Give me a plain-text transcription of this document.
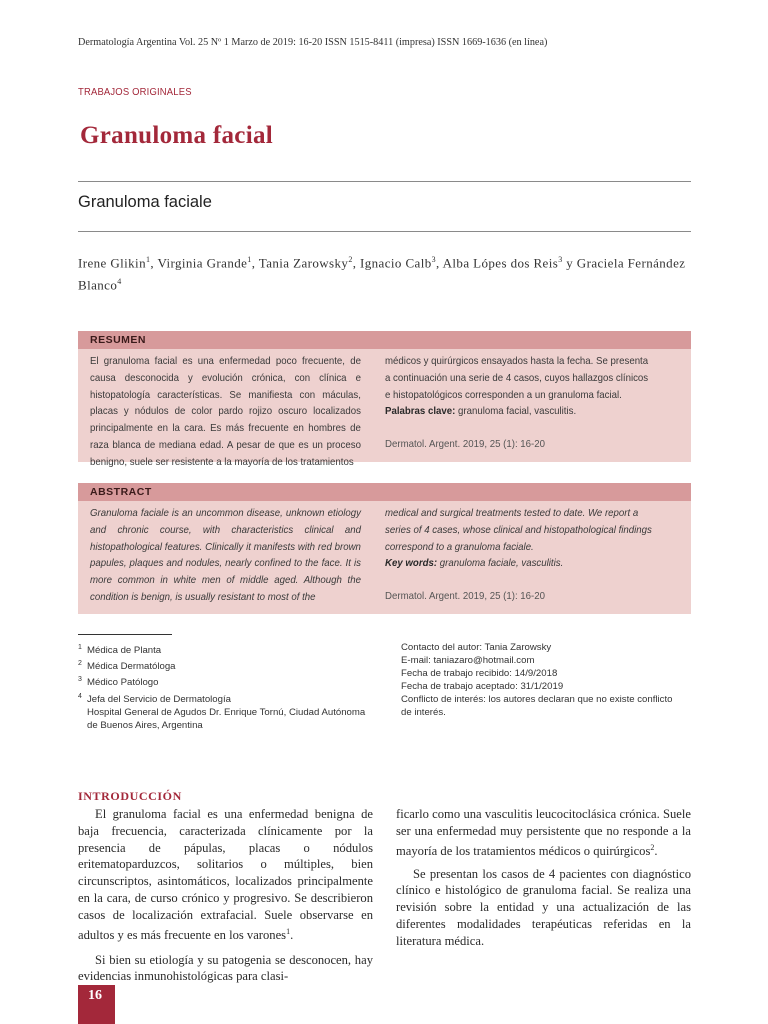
Dermatología Argentina Vol. 25 Nº 1 Marzo de 2019: 16-20 ISSN 1515-8411 (impresa) ISSN 1669-1636 (en línea)
TRABAJOS ORIGINALES
Granuloma facial
Granuloma faciale
Irene Glikin$^1$, Virginia Grande$^1$, Tania Zarowsky$^2$, Ignacio Calb$^3$, Alba Lópes dos Reis$^3$ y Graciela Fernández Blanco$^4$
RESUMEN
El granuloma facial es una enfermedad poco frecuente, de causa desconocida y evolución crónica, con clínica e histopatología características. Se manifiesta con máculas, placas y nódulos de color pardo rojizo oscuro localizados principalmente en la cara. Es más frecuente en hombres de raza blanca de mediana edad. A pesar de que es un proceso benigno, suele ser resistente a la mayoría de los tratamientos
médicos y quirúrgicos ensayados hasta la fecha. Se presenta a continuación una serie de 4 casos, cuyos hallazgos clínicos e histopatológicos corresponden a un granuloma facial.
Palabras clave: granuloma facial, vasculitis.
Dermatol. Argent. 2019, 25 (1): 16-20
ABSTRACT
Granuloma faciale is an uncommon disease, unknown etiology and chronic course, with characteristics clinical and histopathological features. Clinically it manifests with red brown papules, plaques and nodules, nearly confined to the face. It is more common in white men of middle aged. Although the condition is benign, is usually resistant to most of the
medical and surgical treatments tested to date. We report a series of 4 cases, whose clinical and histopathological findings correspond to a granuloma faciale.
Key words: granuloma faciale, vasculitis.
Dermatol. Argent. 2019, 25 (1): 16-20
$^1$ Médica de Planta
$^2$ Médica Dermatóloga
$^3$ Médico Patólogo
$^4$ Jefa del Servicio de Dermatología
Hospital General de Agudos Dr. Enrique Tornú, Ciudad Autónoma
de Buenos Aires, Argentina
Contacto del autor: Tania Zarowsky
E-mail: taniazaro@hotmail.com
Fecha de trabajo recibido: 14/9/2018
Fecha de trabajo aceptado: 31/1/2019
Conflicto de interés: los autores declaran que no existe conflicto
de interés.
INTRODUCCIÓN

El granuloma facial es una enfermedad benigna de baja frecuencia, caracterizada clínicamente por la presencia de pápulas, placas o nódulos eritematoparduzcos, solitarios o múltiples, bien circunscriptos, asintomáticos, localizados principalmente en la cara, de curso crónico y progresivo. Se describieron casos de localización extrafacial. Suele observarse en adultos y es más frecuente en los varones$^1$.

Si bien su etiología y su patogenia se desconocen, hay evidencias inmunohistológicas para clasi-

ficarlo como una vasculitis leucocitoclásica crónica. Suele ser una enfermedad muy persistente que no responde a la mayoría de los tratamientos médicos o quirúrgicos$^2$.

Se presentan los casos de 4 pacientes con diagnóstico clínico e histológico de granuloma facial. Se realiza una revisión sobre la entidad y una actualización de las diferentes modalidades terapéuticas referidas en la literatura médica.

16
